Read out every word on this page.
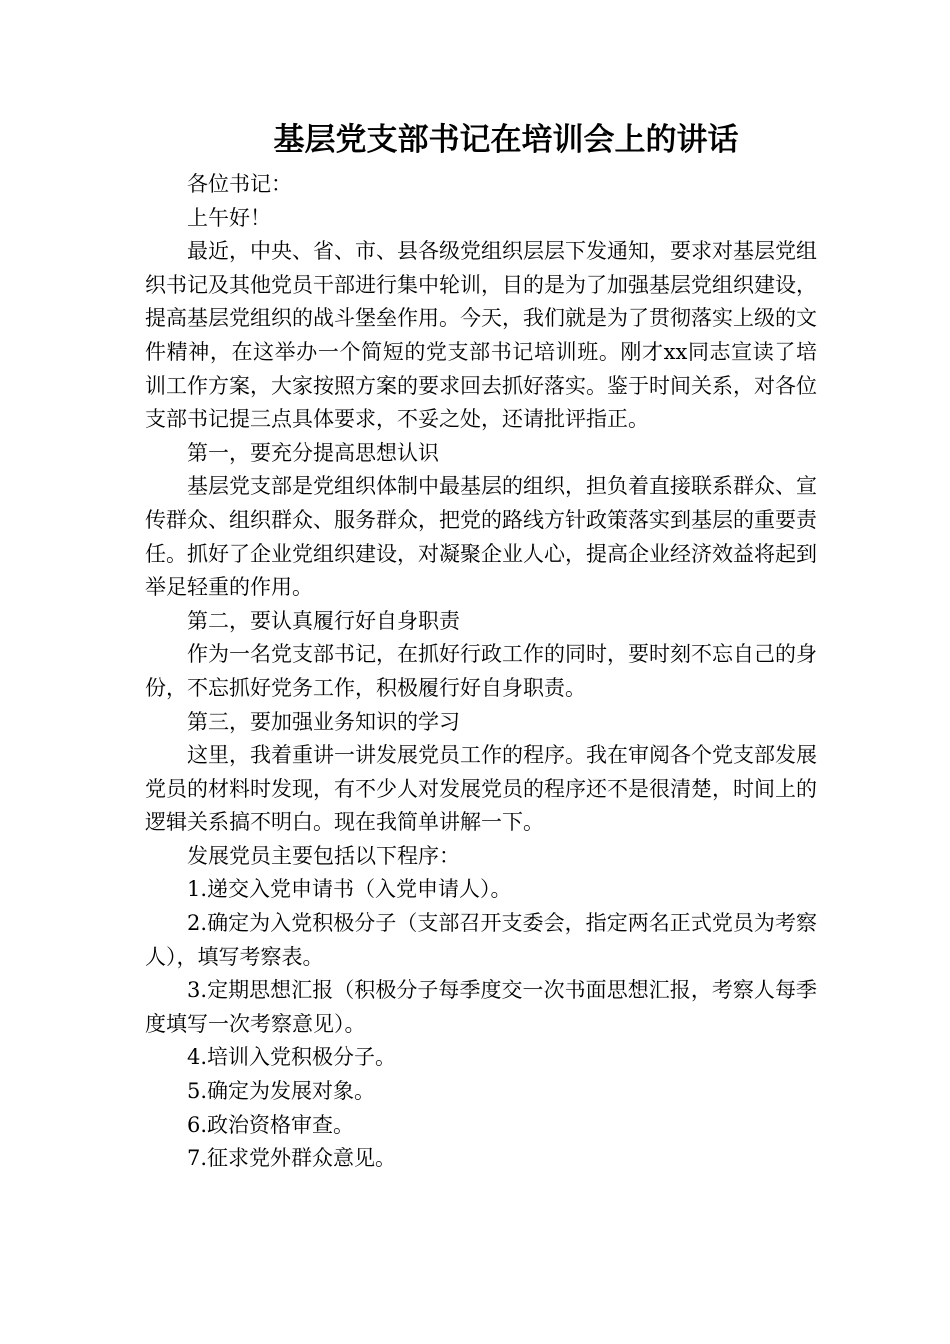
基层党支部书记在培训会上的讲话

各位书记：

上午好！

最近，中央、省、市、县各级党组织层层下发通知，要求对基层党组织书记及其他党员干部进行集中轮训，目的是为了加强基层党组织建设，提高基层党组织的战斗堡垒作用。今天，我们就是为了贯彻落实上级的文件精神，在这举办一个简短的党支部书记培训班。刚才xx同志宣读了培训工作方案，大家按照方案的要求回去抓好落实。鉴于时间关系，对各位支部书记提三点具体要求，不妥之处，还请批评指正。

第一，要充分提高思想认识

基层党支部是党组织体制中最基层的组织，担负着直接联系群众、宣传群众、组织群众、服务群众，把党的路线方针政策落实到基层的重要责任。抓好了企业党组织建设，对凝聚企业人心，提高企业经济效益将起到举足轻重的作用。

第二，要认真履行好自身职责

作为一名党支部书记，在抓好行政工作的同时，要时刻不忘自己的身份，不忘抓好党务工作，积极履行好自身职责。

第三，要加强业务知识的学习

这里，我着重讲一讲发展党员工作的程序。我在审阅各个党支部发展党员的材料时发现，有不少人对发展党员的程序还不是很清楚，时间上的逻辑关系搞不明白。现在我简单讲解一下。

发展党员主要包括以下程序：

1.递交入党申请书（入党申请人）。

2.确定为入党积极分子（支部召开支委会，指定两名正式党员为考察人），填写考察表。

3.定期思想汇报（积极分子每季度交一次书面思想汇报，考察人每季度填写一次考察意见）。

4.培训入党积极分子。

5.确定为发展对象。

6.政治资格审查。

7.征求党外群众意见。
